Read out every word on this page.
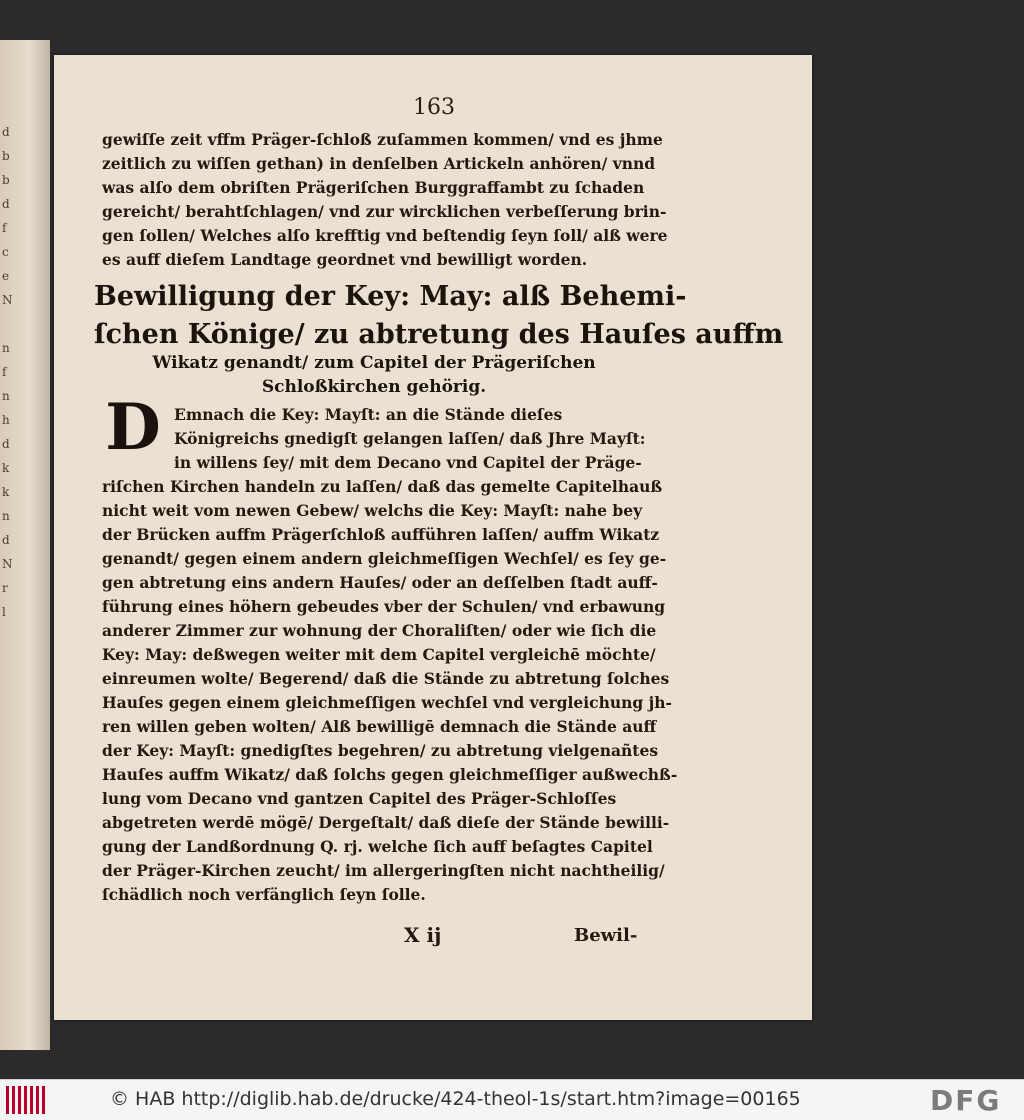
d
b
b
d
f
c
e
N

n
f
n
h
d
k
k
n
d
N
r
l
163
gewiſſe zeit vffm Präger-ſchloß zuſammen kommen/ vnd es jhme
zeitlich zu wiſſen gethan) in denſelben Artickeln anhören/ vnnd
was alſo dem obriſten Prägeriſchen Burggraffambt zu ſchaden
gereicht/ berahtſchlagen/ vnd zur wircklichen verbeſſerung brin-
gen ſollen/ Welches alſo krefftig vnd beſtendig ſeyn ſoll/ alß were
es auff dieſem Landtage geordnet vnd bewilligt worden.
Bewilligung der Key: May: alß Behemi-
ſchen Könige/ zu abtretung des Hauſes auffm
Wikatz genandt/ zum Capitel der Prägeriſchen
Schloßkirchen gehörig.
D Emnach die Key: Mayſt: an die Stände dieſes
Königreichs gnedigſt gelangen laſſen/ daß Jhre Mayſt:
in willens ſey/ mit dem Decano vnd Capitel der Präge-
riſchen Kirchen handeln zu laſſen/ daß das gemelte Capitelhauß
nicht weit vom newen Gebew/ welchs die Key: Mayſt: nahe bey
der Brücken auffm Prägerſchloß aufführen laſſen/ auffm Wikatz
genandt/ gegen einem andern gleichmeſſigen Wechſel/ es ſey ge-
gen abtretung eins andern Hauſes/ oder an deſſelben ſtadt auff-
führung eines höhern gebeudes vber der Schulen/ vnd erbawung
anderer Zimmer zur wohnung der Choraliſten/ oder wie ſich die
Key: May: deßwegen weiter mit dem Capitel vergleichē möchte/
einreumen wolte/ Begerend/ daß die Stände zu abtretung ſolches
Hauſes gegen einem gleichmeſſigen wechſel vnd vergleichung jh-
ren willen geben wolten/ Alß bewilligē demnach die Stände auff
der Key: Mayſt: gnedigſtes begehren/ zu abtretung vielgenañtes
Hauſes auffm Wikatz/ daß ſolchs gegen gleichmeſſiger außwechß-
lung vom Decano vnd gantzen Capitel des Präger-Schloſſes
abgetreten werdē mögē/ Dergeſtalt/ daß dieſe der Stände bewilli-
gung der Landßordnung Q. rj. welche ſich auff beſagtes Capitel
der Präger-Kirchen zeucht/ im allergeringſten nicht nachtheilig/
ſchädlich noch verfänglich ſeyn ſolle.
X ij	Bewil-
© HAB http://diglib.hab.de/drucke/424-theol-1s/start.htm?image=00165	DFG
